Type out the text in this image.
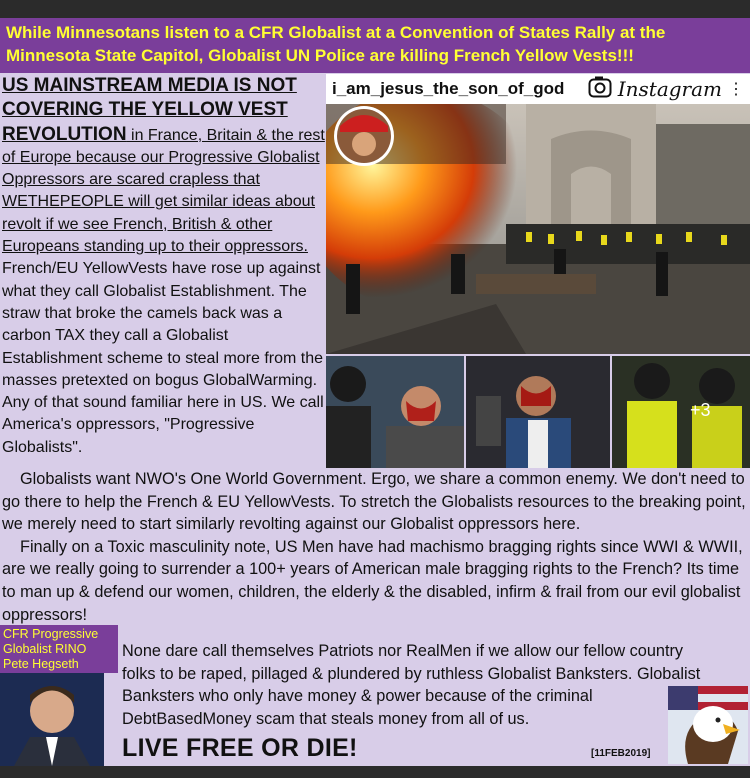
While Minnesotans listen to a CFR Globalist at a Convention of States Rally at the Minnesota State Capitol, Globalist UN Police are killing French Yellow Vests!!!
US MAINSTREAM MEDIA IS NOT COVERING THE YELLOW VEST REVOLUTION in France, Britain & the rest of Europe because our Progressive Globalist Oppressors are scared crapless that WETHEPEOPLE will get similar ideas about revolt if we see French, British & other Europeans standing up to their oppressors. French/EU YellowVests have rose up against what they call Globalist Establishment. The straw that broke the camels back was a carbon TAX they call a Globalist Establishment scheme to steal more from the masses pretexted on bogus GlobalWarming. Any of that sound familiar here in US. We call America's oppressors, "Progressive Globalists".
i_am_jesus_the_son_of_god	Instagram ⋮
+3

Globalists want NWO's One World Government. Ergo, we share a common enemy. We don't need to go there to help the French & EU YellowVests. To stretch the Globalists resources to the breaking point, we merely need to start similarly revolting against our Globalist oppressors here.

Finally on a Toxic masculinity note, US Men have had machismo bragging rights since WWI & WWII, are we really going to surrender a 100+ years of American male bragging rights to the French? Its time to man up & defend our women, children, the elderly & the disabled, infirm & frail from our evil globalist oppressors!

CFR Progressive
Globalist RINO
Pete Hegseth
None dare call themselves Patriots nor RealMen if we allow our fellow country
folks to be raped, pillaged & plundered by ruthless Globalist Banksters. Globalist
Banksters who only have money & power because of the criminal
DebtBasedMoney scam that steals money from all of us.
LIVE FREE OR DIE!	[11FEB2019]
